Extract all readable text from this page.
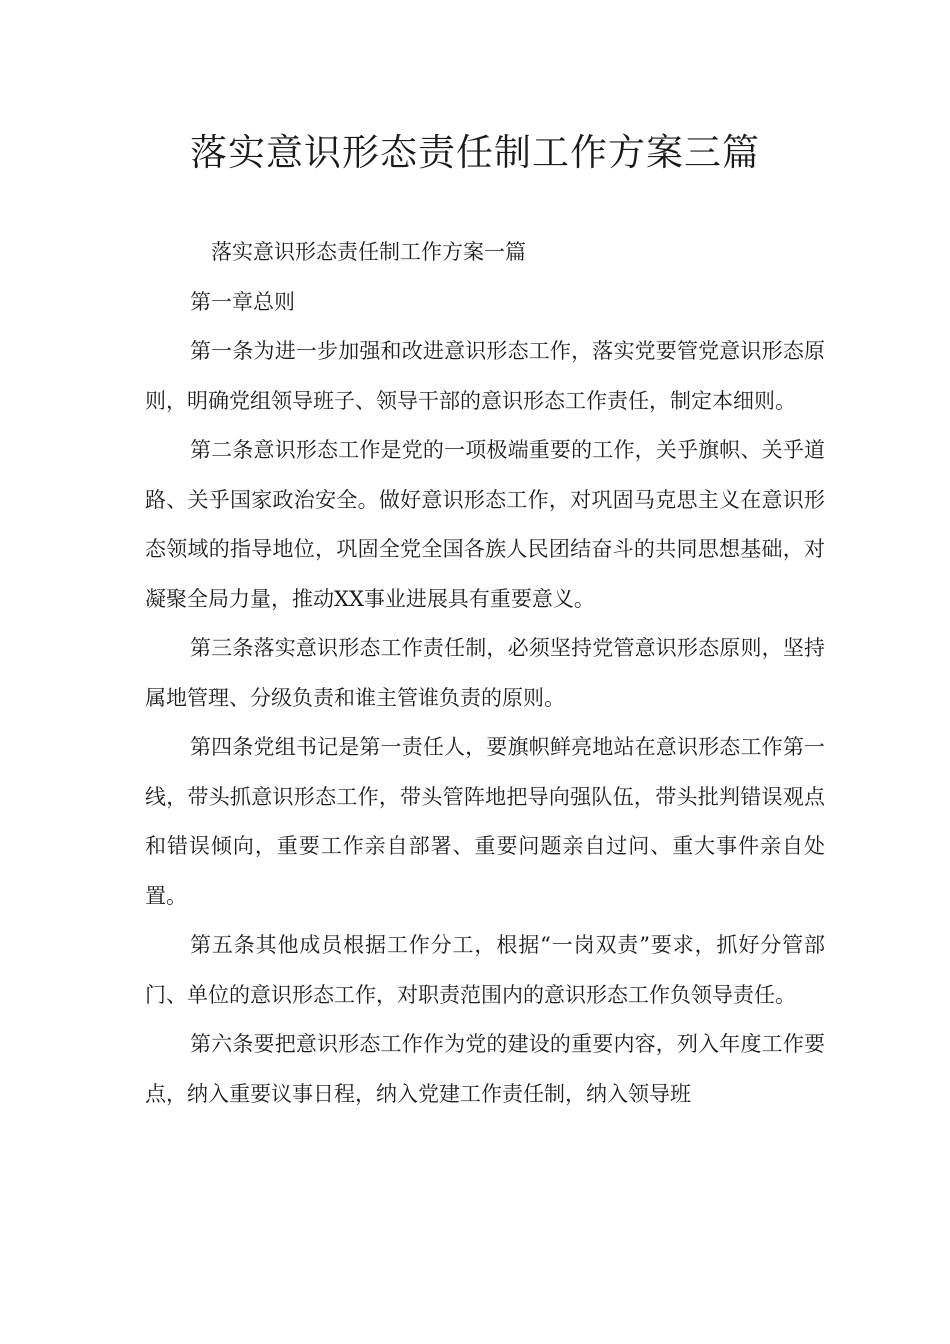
落实意识形态责任制工作方案三篇

落实意识形态责任制工作方案一篇

第一章总则

第一条为进一步加强和改进意识形态工作，落实党要管党意识形态原则，明确党组领导班子、领导干部的意识形态工作责任，制定本细则。

第二条意识形态工作是党的一项极端重要的工作，关乎旗帜、关乎道路、关乎国家政治安全。做好意识形态工作，对巩固马克思主义在意识形态领域的指导地位，巩固全党全国各族人民团结奋斗的共同思想基础，对凝聚全局力量，推动XX事业进展具有重要意义。

第三条落实意识形态工作责任制，必须坚持党管意识形态原则，坚持属地管理、分级负责和谁主管谁负责的原则。

第四条党组书记是第一责任人，要旗帜鲜亮地站在意识形态工作第一线，带头抓意识形态工作，带头管阵地把导向强队伍，带头批判错误观点和错误倾向，重要工作亲自部署、重要问题亲自过问、重大事件亲自处置。

第五条其他成员根据工作分工，根据“一岗双责”要求，抓好分管部门、单位的意识形态工作，对职责范围内的意识形态工作负领导责任。

第六条要把意识形态工作作为党的建设的重要内容，列入年度工作要点，纳入重要议事日程，纳入党建工作责任制，纳入领导班
